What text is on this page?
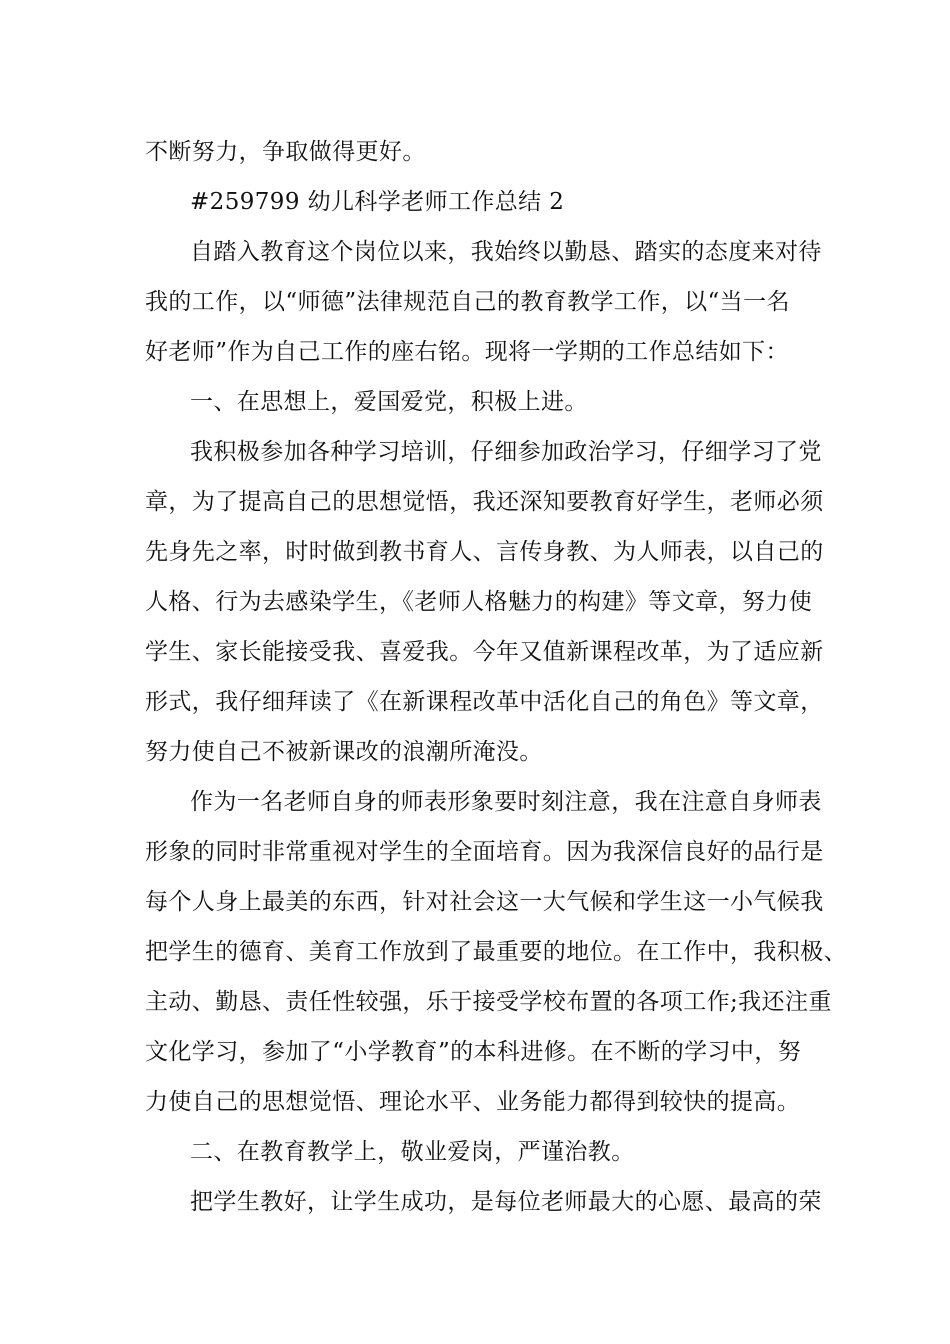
不断努力，争取做得更好。
#259799 幼儿科学老师工作总结 2
自踏入教育这个岗位以来，我始终以勤恳、踏实的态度来对待
我的工作，以“师德”法律规范自己的教育教学工作，以“当一名
好老师”作为自己工作的座右铭。现将一学期的工作总结如下：
一、在思想上，爱国爱党，积极上进。
我积极参加各种学习培训，仔细参加政治学习，仔细学习了党
章，为了提高自己的思想觉悟，我还深知要教育好学生，老师必须
先身先之率，时时做到教书育人、言传身教、为人师表，以自己的
人格、行为去感染学生，《老师人格魅力的构建》等文章，努力使
学生、家长能接受我、喜爱我。今年又值新课程改革，为了适应新
形式，我仔细拜读了《在新课程改革中活化自己的角色》等文章，
努力使自己不被新课改的浪潮所淹没。
作为一名老师自身的师表形象要时刻注意，我在注意自身师表
形象的同时非常重视对学生的全面培育。因为我深信良好的品行是
每个人身上最美的东西，针对社会这一大气候和学生这一小气候我
把学生的德育、美育工作放到了最重要的地位。在工作中，我积极、
主动、勤恳、责任性较强，乐于接受学校布置的各项工作;我还注重
文化学习，参加了“小学教育”的本科进修。在不断的学习中，努
力使自己的思想觉悟、理论水平、业务能力都得到较快的提高。
二、在教育教学上，敬业爱岗，严谨治教。
把学生教好，让学生成功，是每位老师最大的心愿、最高的荣
